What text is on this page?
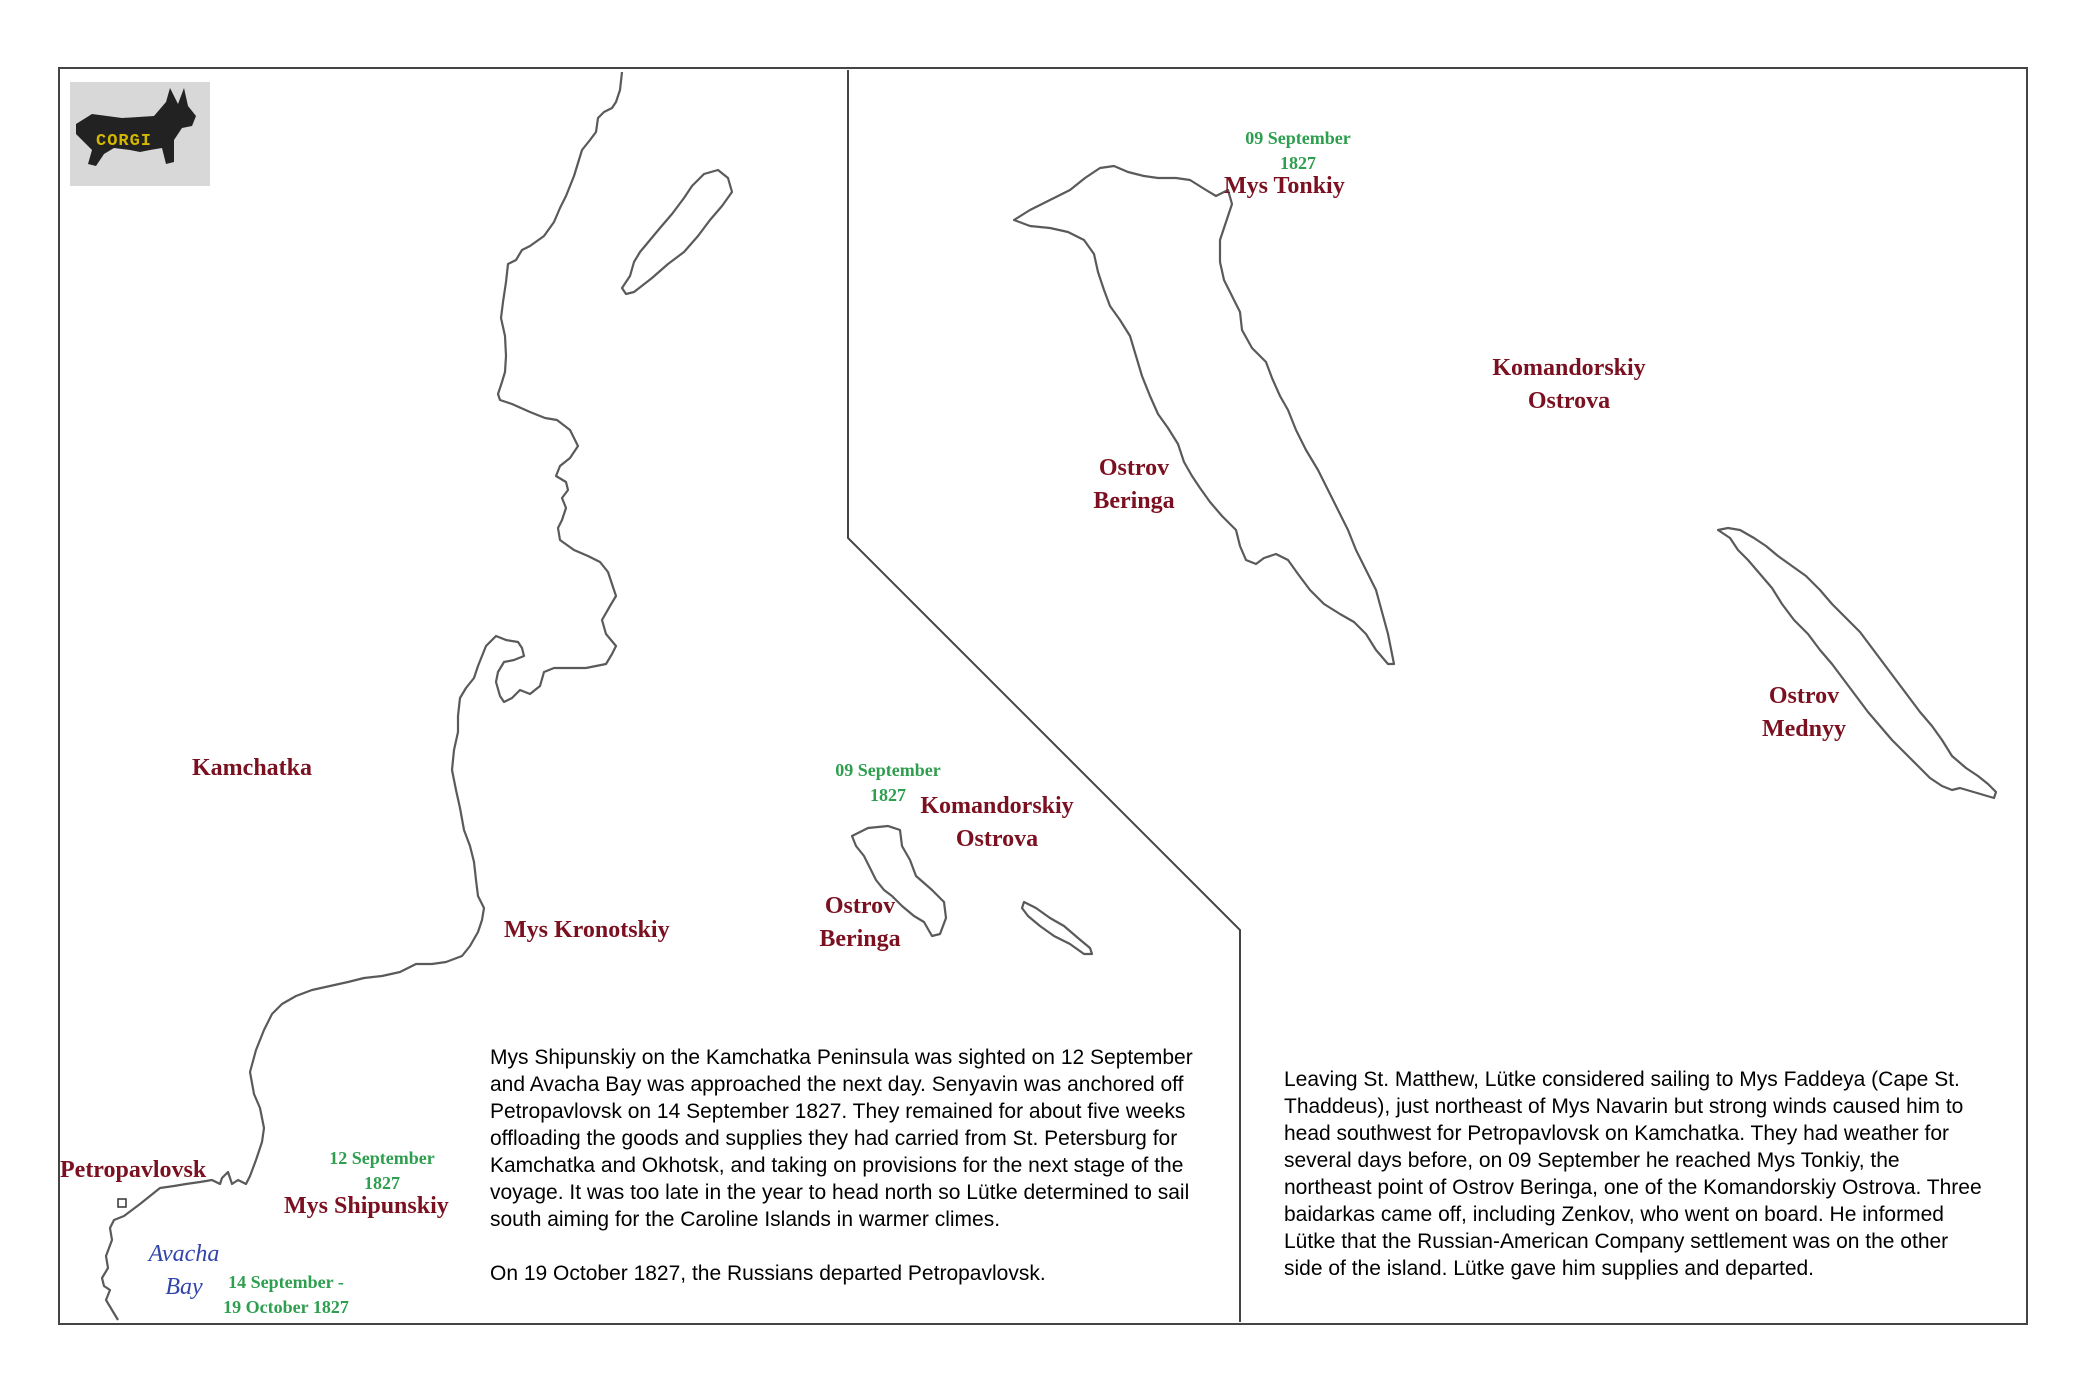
CORGI
Kamchatka
Mys Kronotskiy
Petropavlovsk
Mys Shipunskiy
Avacha
Bay
12 September
1827
14 September -
19 October 1827
09 September
1827 Komandorskiy
Ostrova
Ostrov
Beringa

Mys Shipunskiy on the Kamchatka Peninsula was sighted on 12 September and Avacha Bay was approached the next day. Senyavin was anchored off Petropavlovsk on 14 September 1827. They remained for about five weeks offloading the goods and supplies they had carried from St. Petersburg for Kamchatka and Okhotsk, and taking on provisions for the next stage of the voyage. It was too late in the year to head north so Lütke determined to sail south aiming for the Caroline Islands in warmer climes.

On 19 October 1827, the Russians departed Petropavlovsk.

09 September
1827
Mys Tonkiy
Komandorskiy
Ostrova
Ostrov
Beringa
Ostrov
Mednyy

Leaving St. Matthew, Lütke considered sailing to Mys Faddeya (Cape St. Thaddeus), just northeast of Mys Navarin but strong winds caused him to head southwest for Petropavlovsk on Kamchatka. They had weather for several days before, on 09 September he reached Mys Tonkiy, the northeast point of Ostrov Beringa, one of the Komandorskiy Ostrova. Three baidarkas came off, including Zenkov, who went on board. He informed Lütke that the Russian-American Company settlement was on the other side of the island. Lütke gave him supplies and departed.
